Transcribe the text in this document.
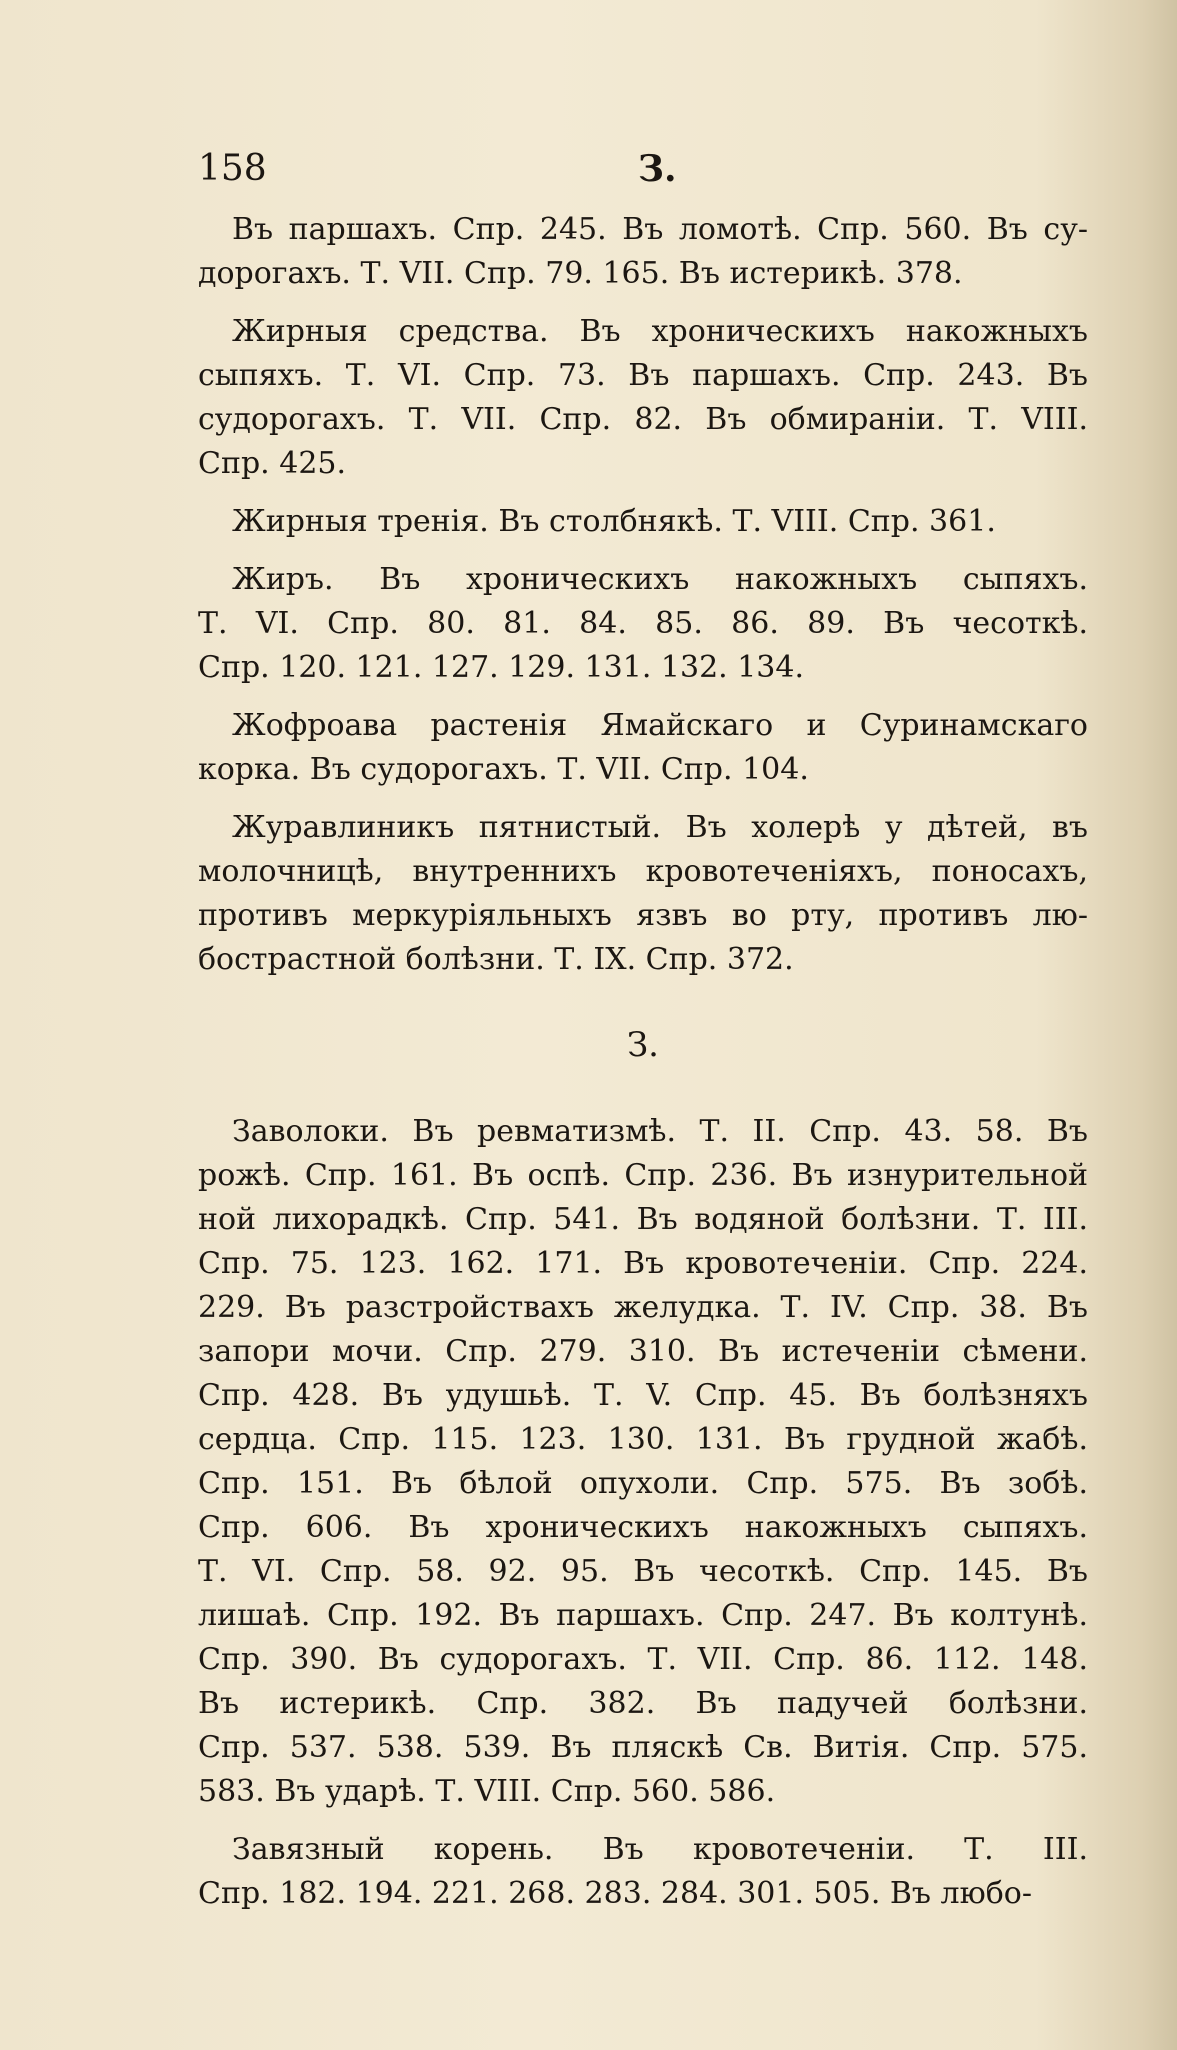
158	З.
Въ паршахъ. Спр. 245. Въ ломотѣ. Спр. 560. Въ су-
дорогахъ. Т. VII. Спр. 79. 165. Въ истерикѣ. 378.
Жирныя средства. Въ хроническихъ накожныхъ
сыпяхъ. Т. VI. Спр. 73. Въ паршахъ. Спр. 243. Въ
судорогахъ. Т. VII. Спр. 82. Въ обмираніи. Т. VIII.
Спр. 425.
Жирныя тренія. Въ столбнякѣ. Т. VIII. Спр. 361.
Жиръ. Въ хроническихъ накожныхъ сыпяхъ.
Т. VI. Спр. 80. 81. 84. 85. 86. 89. Въ чесоткѣ.
Спр. 120. 121. 127. 129. 131. 132. 134.
Жофроава растенія Ямайскаго и Суринамскаго
корка. Въ судорогахъ. Т. VII. Спр. 104.
Журавлиникъ пятнистый. Въ холерѣ у дѣтей, въ
молочницѣ, внутреннихъ кровотеченіяхъ, поносахъ,
противъ меркуріяльныхъ язвъ во рту, противъ лю-
бострастной болѣзни. Т. IX. Спр. 372.
З.
Заволоки. Въ ревматизмѣ. Т. II. Спр. 43. 58. Въ
рожѣ. Спр. 161. Въ оспѣ. Спр. 236. Въ изнурительной
ной лихорадкѣ. Спр. 541. Въ водяной болѣзни. Т. III.
Спр. 75. 123. 162. 171. Въ кровотеченіи. Спр. 224.
229. Въ разстройствахъ желудка. Т. IV. Спр. 38. Въ
запори мочи. Спр. 279. 310. Въ истеченіи сѣмени.
Спр. 428. Въ удушьѣ. Т. V. Спр. 45. Въ болѣзняхъ
сердца. Спр. 115. 123. 130. 131. Въ грудной жабѣ.
Спр. 151. Въ бѣлой опухоли. Спр. 575. Въ зобѣ.
Спр. 606. Въ хроническихъ накожныхъ сыпяхъ.
Т. VI. Спр. 58. 92. 95. Въ чесоткѣ. Спр. 145. Въ
лишаѣ. Спр. 192. Въ паршахъ. Спр. 247. Въ колтунѣ.
Спр. 390. Въ судорогахъ. Т. VII. Спр. 86. 112. 148.
Въ истерикѣ. Спр. 382. Въ падучей болѣзни.
Спр. 537. 538. 539. Въ пляскѣ Св. Витія. Спр. 575.
583. Въ ударѣ. Т. VIII. Спр. 560. 586.
Завязный корень. Въ кровотеченіи. Т. III.
Спр. 182. 194. 221. 268. 283. 284. 301. 505. Въ любо-
